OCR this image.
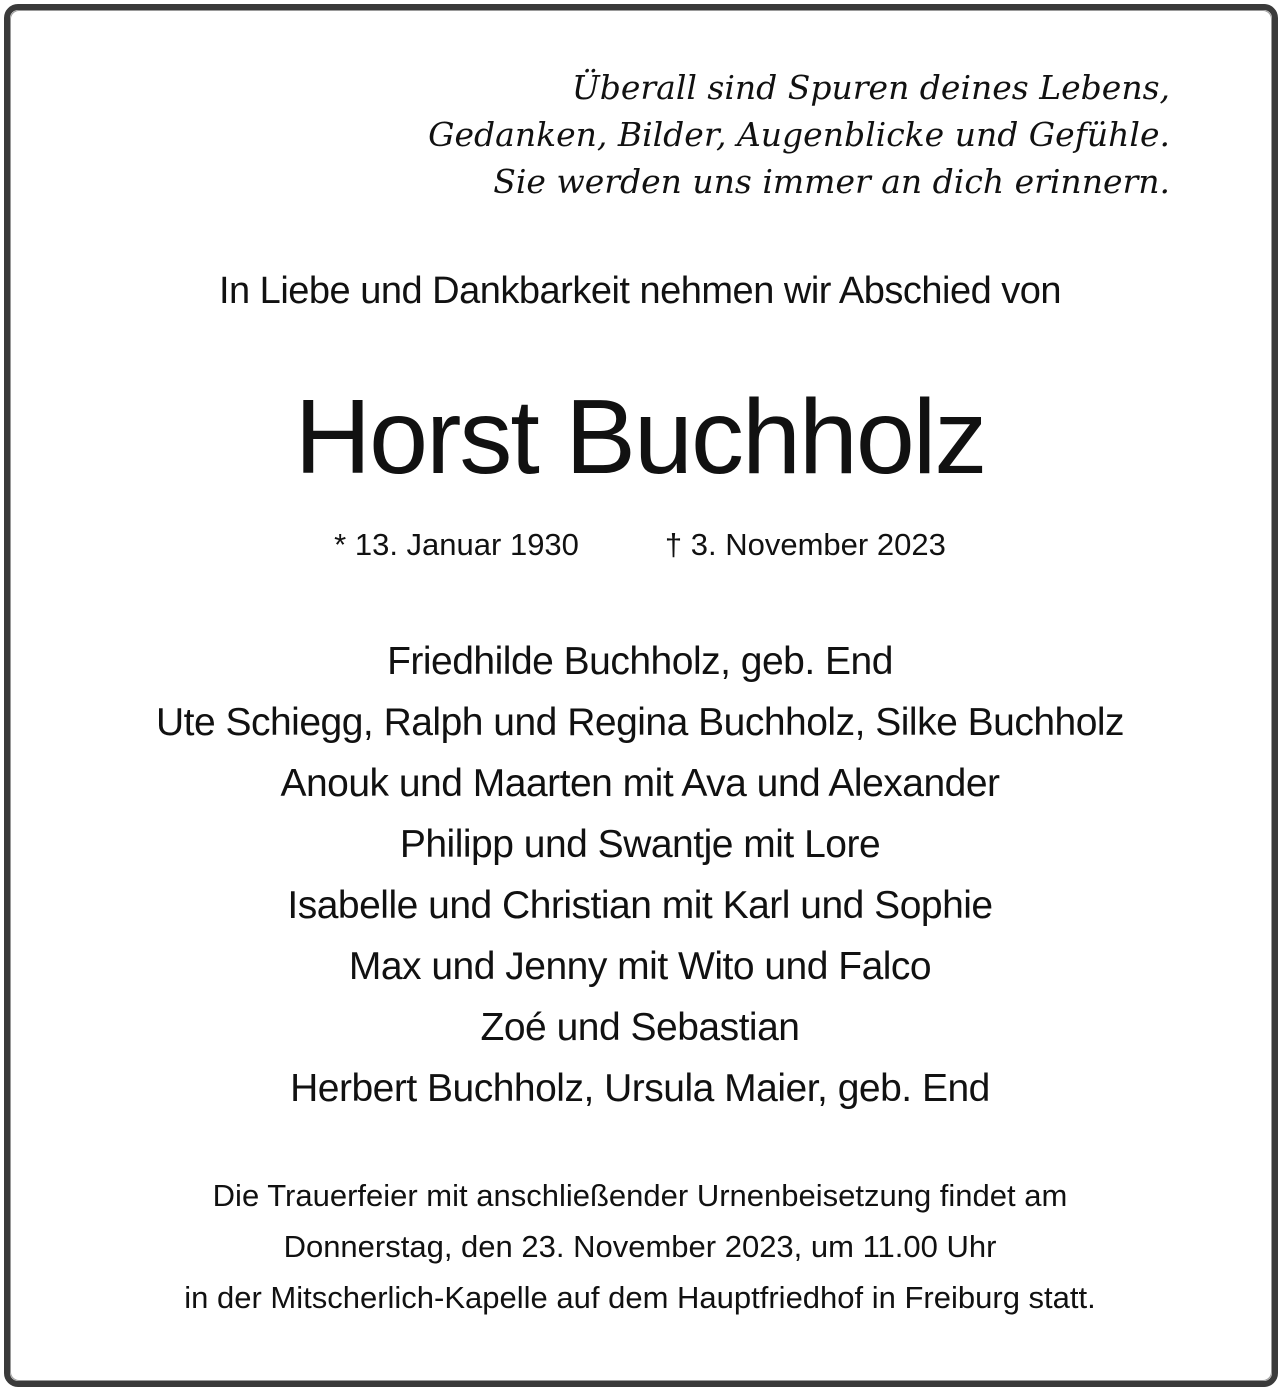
Überall sind Spuren deines Lebens,
Gedanken, Bilder, Augenblicke und Gefühle.
Sie werden uns immer an dich erinnern.

In Liebe und Dankbarkeit nehmen wir Abschied von

Horst Buchholz
* 13. Januar 1930	† 3. November 2023
Friedhilde Buchholz, geb. End
Ute Schiegg, Ralph und Regina Buchholz, Silke Buchholz
Anouk und Maarten mit Ava und Alexander
Philipp und Swantje mit Lore
Isabelle und Christian mit Karl und Sophie
Max und Jenny mit Wito und Falco
Zoé und Sebastian
Herbert Buchholz, Ursula Maier, geb. End
Die Trauerfeier mit anschließender Urnenbeisetzung findet am
Donnerstag, den 23. November 2023, um 11.00 Uhr
in der Mitscherlich-Kapelle auf dem Hauptfriedhof in Freiburg statt.
